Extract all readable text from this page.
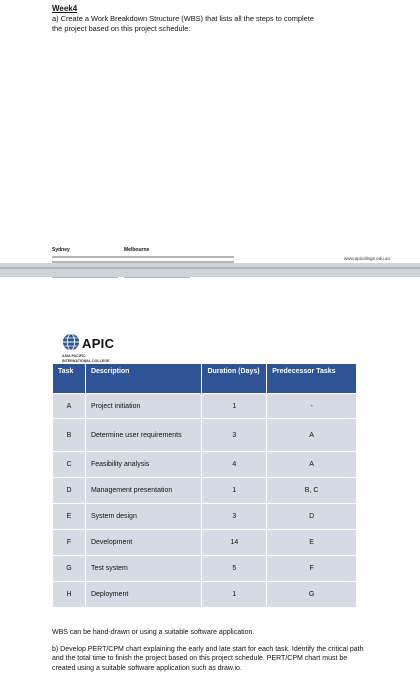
Week4
a) Create a Work Breakdown Structure (WBS) that lists all the steps to complete
the project based on this project schedule:
Sydney	Melbourne
www.apicollege.edu.au
APIC
ASIA PACIFIC
INTERNATIONAL COLLEGE
Task	Description	Duration (Days)	Predecessor Tasks
A	Project initiation	1	-
B	Determine user requirements	3	A
C	Feasibility analysis	4	A
D	Management presentation	1	B, C
E	System design	3	D
F	Development	14	E
G	Test system	5	F
H	Deployment	1	G

WBS can be hand-drawn or using a suitable software application.

b) Develop PERT/CPM chart explaining the early and late start for each task. Identify the critical path and the total time to finish the project based on this project schedule. PERT/CPM chart must be created using a suitable software application such as draw.io.
